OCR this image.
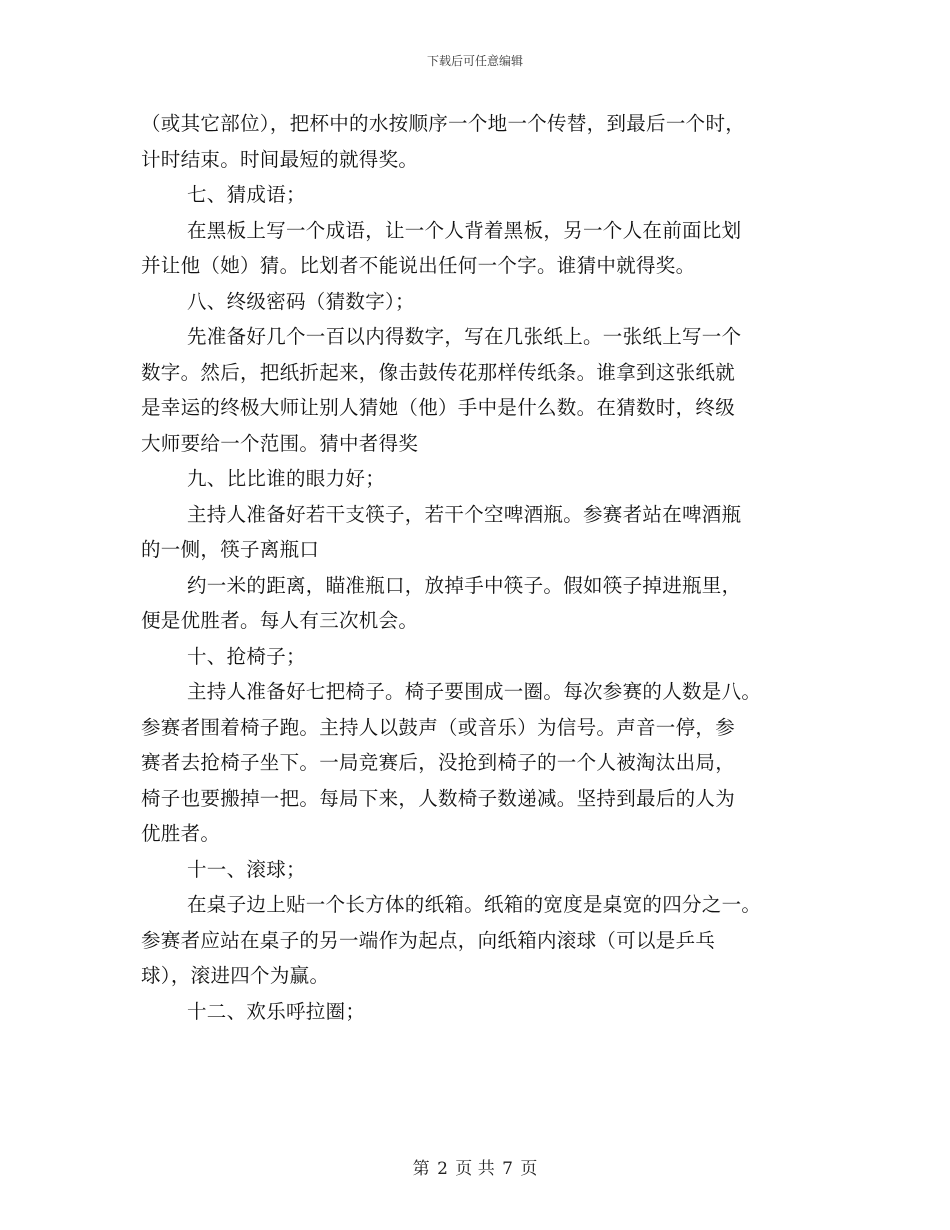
下载后可任意编辑
（或其它部位），把杯中的水按顺序一个地一个传替，到最后一个时，
计时结束。时间最短的就得奖。
七、猜成语；
在黑板上写一个成语，让一个人背着黑板，另一个人在前面比划
并让他（她）猜。比划者不能说出任何一个字。谁猜中就得奖。
八、终级密码（猜数字）；
先准备好几个一百以内得数字，写在几张纸上。一张纸上写一个
数字。然后，把纸折起来，像击鼓传花那样传纸条。谁拿到这张纸就
是幸运的终极大师让别人猜她（他）手中是什么数。在猜数时，终级
大师要给一个范围。猜中者得奖
九、比比谁的眼力好；
主持人准备好若干支筷子，若干个空啤酒瓶。参赛者站在啤酒瓶
的一侧，筷子离瓶口
约一米的距离，瞄准瓶口，放掉手中筷子。假如筷子掉进瓶里，
便是优胜者。每人有三次机会。
十、抢椅子；
主持人准备好七把椅子。椅子要围成一圈。每次参赛的人数是八。
参赛者围着椅子跑。主持人以鼓声（或音乐）为信号。声音一停，参
赛者去抢椅子坐下。一局竞赛后，没抢到椅子的一个人被淘汰出局，
椅子也要搬掉一把。每局下来，人数椅子数递减。坚持到最后的人为
优胜者。
十一、滚球；
在桌子边上贴一个长方体的纸箱。纸箱的宽度是桌宽的四分之一。
参赛者应站在桌子的另一端作为起点，向纸箱内滚球（可以是乒乓
球），滚进四个为赢。
十二、欢乐呼拉圈；
第 2 页 共 7 页
